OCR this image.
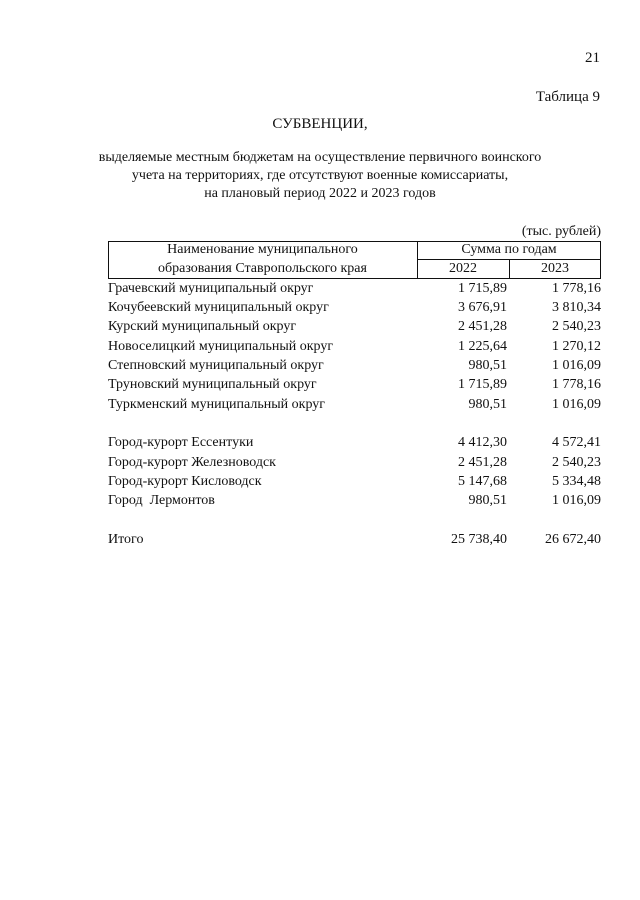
21
Таблица 9
СУБВЕНЦИИ,
выделяемые местным бюджетам на осуществление первичного воинского
учета на территориях, где отсутствуют военные комиссариаты,
на плановый период 2022 и 2023 годов
(тыс. рублей)
Наименование муниципального
образования Ставропольского края
Сумма по годам
2022	2023
Грачевский муниципальный округ	1 715,89	1 778,16
Кочубеевский муниципальный округ	3 676,91	3 810,34
Курский муниципальный округ	2 451,28	2 540,23
Новоселицкий муниципальный округ	1 225,64	1 270,12
Степновский муниципальный округ	980,51	1 016,09
Труновский муниципальный округ	1 715,89	1 778,16
Туркменский муниципальный округ	980,51	1 016,09
Город-курорт Ессентуки	4 412,30	4 572,41
Город-курорт Железноводск	2 451,28	2 540,23
Город-курорт Кисловодск	5 147,68	5 334,48
Город  Лермонтов	980,51	1 016,09
Итого	25 738,40	26 672,40
